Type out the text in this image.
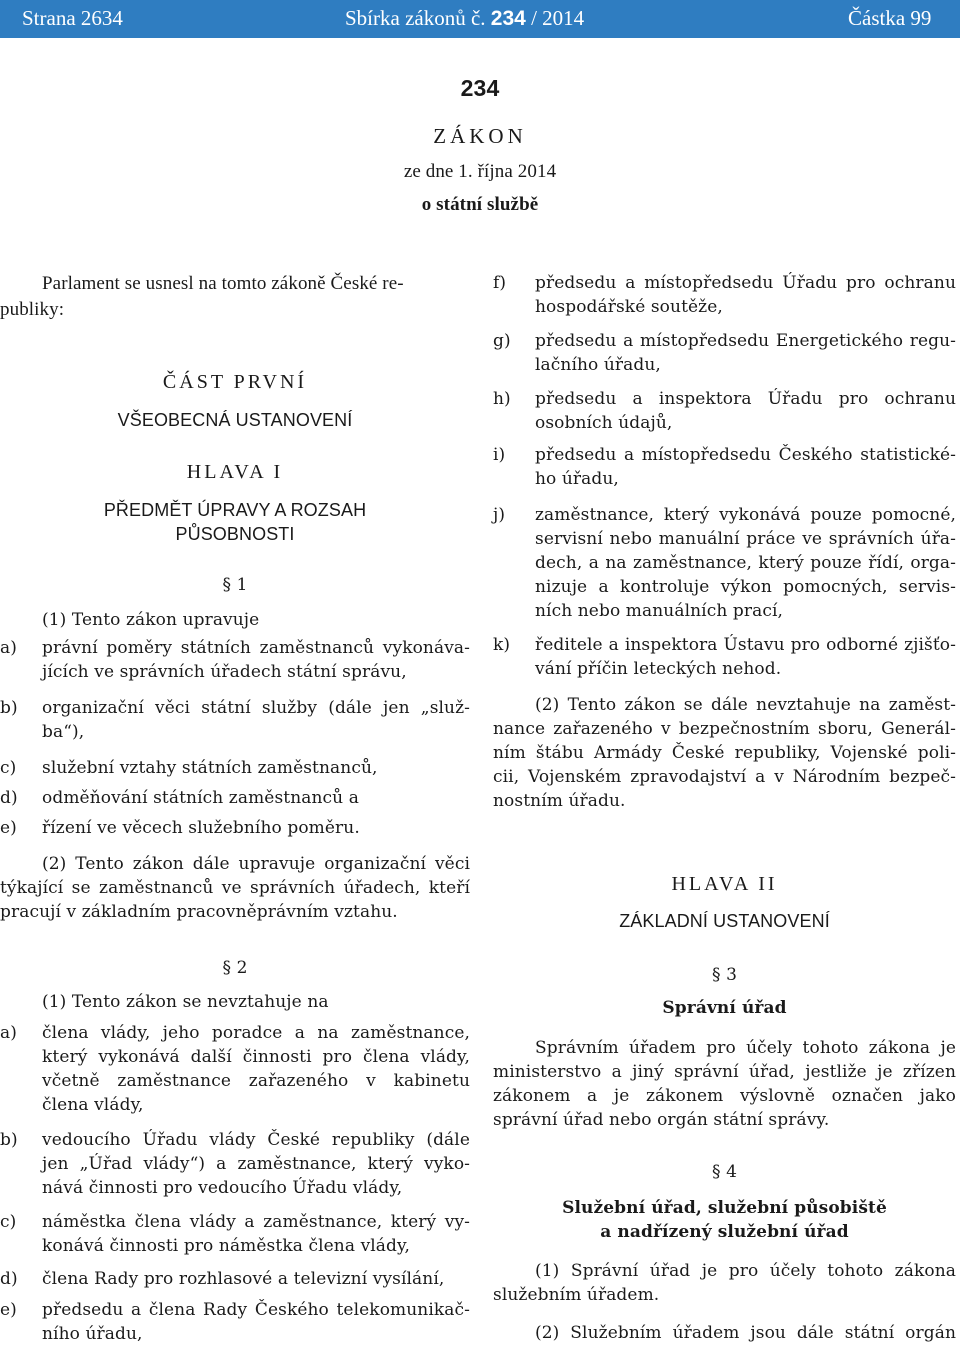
Strana 2634	Sbírka zákonů č. 234 / 2014	Částka 99
234
ZÁKON
ze dne 1. října 2014
o státní službě
Parlament se usnesl na tomto zákoně České re-
publiky:
ČÁST PRVNÍ
VŠEOBECNÁ USTANOVENÍ
HLAVA I
PŘEDMĚT ÚPRAVY A ROZSAH
PŮSOBNOSTI
§ 1
(1) Tento zákon upravuje
a) právní poměry státních zaměstnanců vykonáva-
jících ve správních úřadech státní správu,
b) organizační věci státní služby (dále jen „služ-
ba“),
c) služební vztahy státních zaměstnanců,
d) odměňování státních zaměstnanců a
e) řízení ve věcech služebního poměru.
(2) Tento zákon dále upravuje organizační věci
týkající se zaměstnanců ve správních úřadech, kteří
pracují v základním pracovněprávním vztahu.
§ 2
(1) Tento zákon se nevztahuje na
a) člena vlády, jeho poradce a na zaměstnance,
který vykonává další činnosti pro člena vlády,
včetně zaměstnance zařazeného v kabinetu
člena vlády,
b) vedoucího Úřadu vlády České republiky (dále
jen „Úřad vlády“) a zaměstnance, který vyko-
nává činnosti pro vedoucího Úřadu vlády,
c) náměstka člena vlády a zaměstnance, který vy-
konává činnosti pro náměstka člena vlády,
d) člena Rady pro rozhlasové a televizní vysílání,
e) předsedu a člena Rady Českého telekomunikač-
ního úřadu,
f) předsedu a místopředsedu Úřadu pro ochranu
hospodářské soutěže,
g) předsedu a místopředsedu Energetického regu-
lačního úřadu,
h) předsedu a inspektora Úřadu pro ochranu
osobních údajů,
i) předsedu a místopředsedu Českého statistické-
ho úřadu,
j) zaměstnance, který vykonává pouze pomocné,
servisní nebo manuální práce ve správních úřa-
dech, a na zaměstnance, který pouze řídí, orga-
nizuje a kontroluje výkon pomocných, servis-
ních nebo manuálních prací,
k) ředitele a inspektora Ústavu pro odborné zjišťo-
vání příčin leteckých nehod.
(2) Tento zákon se dále nevztahuje na zaměst-
nance zařazeného v bezpečnostním sboru, Generál-
ním štábu Armády České republiky, Vojenské poli-
cii, Vojenském zpravodajství a v Národním bezpeč-
nostním úřadu.
HLAVA II
ZÁKLADNÍ USTANOVENÍ
§ 3
Správní úřad
Správním úřadem pro účely tohoto zákona je
ministerstvo a jiný správní úřad, jestliže je zřízen
zákonem a je zákonem výslovně označen jako
správní úřad nebo orgán státní správy.
§ 4
Služební úřad, služební působiště
a nadřízený služební úřad
(1) Správní úřad je pro účely tohoto zákona
služebním úřadem.
(2) Služebním úřadem jsou dále státní orgán
